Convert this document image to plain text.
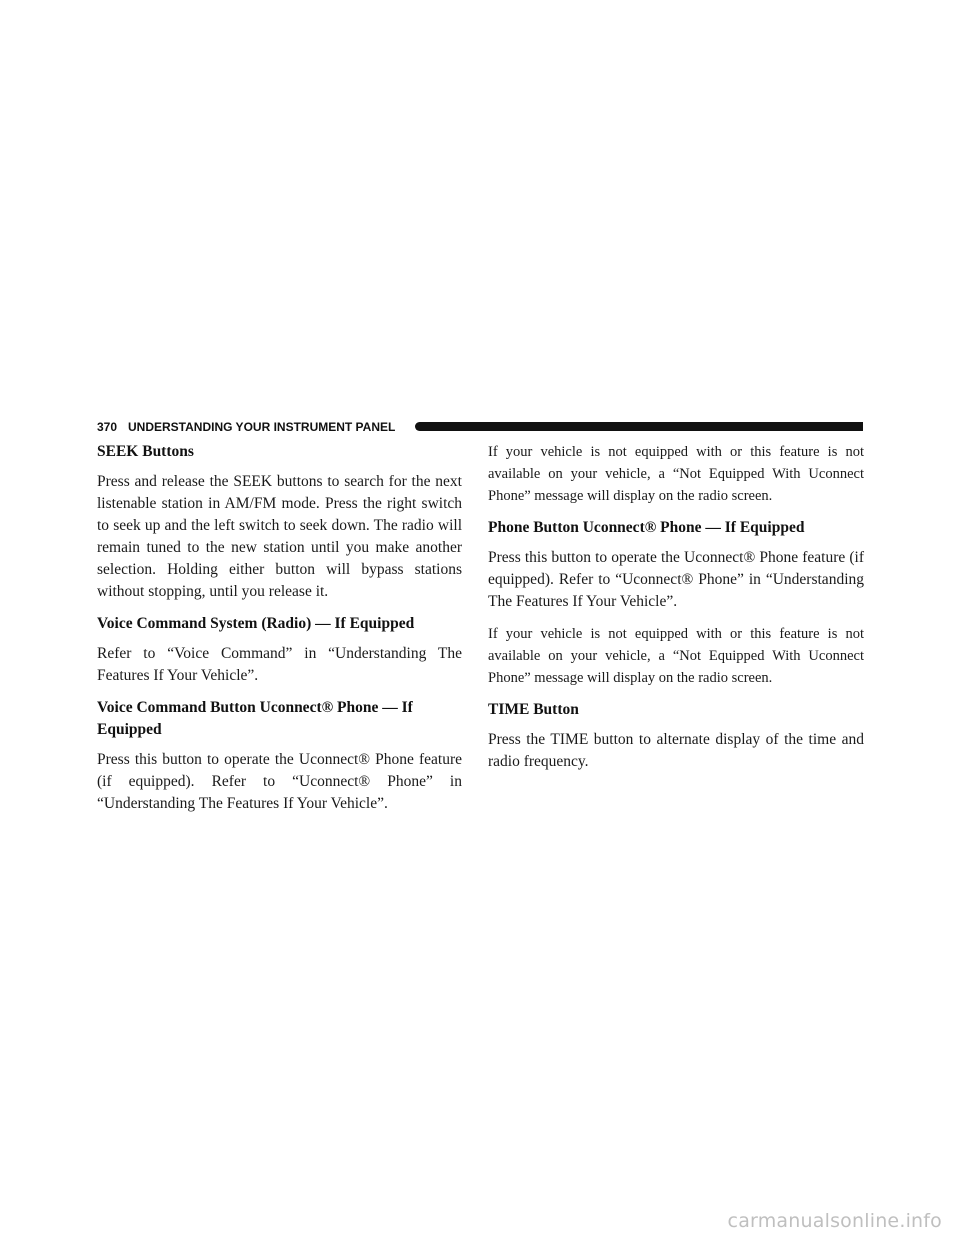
370 UNDERSTANDING YOUR INSTRUMENT PANEL
SEEK Buttons

Press and release the SEEK buttons to search for the next listenable station in AM/FM mode. Press the right switch to seek up and the left switch to seek down. The radio will remain tuned to the new station until you make another selection. Holding either button will bypass stations without stopping, until you release it.

Voice Command System (Radio) — If Equipped

Refer to “Voice Command” in “Understanding The Features If Your Vehicle”.

Voice Command Button Uconnect® Phone — If Equipped

Press this button to operate the Uconnect® Phone feature (if equipped). Refer to “Uconnect® Phone” in “Understanding The Features If Your Vehicle”.

If your vehicle is not equipped with or this feature is not available on your vehicle, a “Not Equipped With Uconnect Phone” message will display on the radio screen.

Phone Button Uconnect® Phone — If Equipped

Press this button to operate the Uconnect® Phone feature (if equipped). Refer to “Uconnect® Phone” in “Understanding The Features If Your Vehicle”.

If your vehicle is not equipped with or this feature is not available on your vehicle, a “Not Equipped With Uconnect Phone” message will display on the radio screen.

TIME Button

Press the TIME button to alternate display of the time and radio frequency.

carmanualsonline.info
